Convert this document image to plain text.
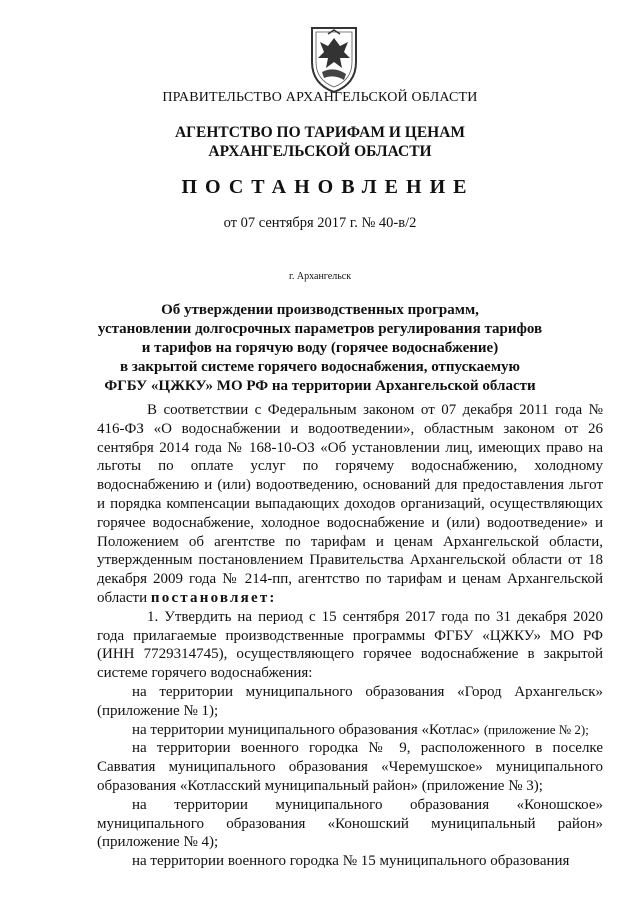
ПРАВИТЕЛЬСТВО АРХАНГЕЛЬСКОЙ ОБЛАСТИ
АГЕНТСТВО ПО ТАРИФАМ И ЦЕНАМ
АРХАНГЕЛЬСКОЙ ОБЛАСТИ
ПОСТАНОВЛЕНИЕ
от 07 сентября 2017 г. № 40-в/2
г. Архангельск
Об утверждении производственных программ,
установлении долгосрочных параметров регулирования тарифов
и тарифов на горячую воду (горячее водоснабжение)
в закрытой системе горячего водоснабжения, отпускаемую
ФГБУ «ЦЖКУ» МО РФ на территории Архангельской области

В соответствии с Федеральным законом от 07 декабря 2011 года № 416-ФЗ «О водоснабжении и водоотведении», областным законом от 26 сентября 2014 года № 168-10-ОЗ «Об установлении лиц, имеющих право на льготы по оплате услуг по горячему водоснабжению, холодному водоснабжению и (или) водоотведению, оснований для предоставления льгот и порядка компенсации выпадающих доходов организаций, осуществляющих горячее водоснабжение, холодное водоснабжение и (или) водоотведение» и Положением об агентстве по тарифам и ценам Архангельской области, утвержденным постановлением Правительства Архангельской области от 18 декабря 2009 года № 214-пп, агентство по тарифам и ценам Архангельской области постановляет:

1. Утвердить на период с 15 сентября 2017 года по 31 декабря 2020 года прилагаемые производственные программы ФГБУ «ЦЖКУ» МО РФ (ИНН 7729314745), осуществляющего горячее водоснабжение в закрытой системе горячего водоснабжения:

на территории муниципального образования «Город Архангельск» (приложение № 1);

на территории муниципального образования «Котлас» (приложение № 2);

на территории военного городка № 9, расположенного в поселке Савватия муниципального образования «Черемушское» муниципального образования «Котласский муниципальный район» (приложение № 3);

на территории муниципального образования «Коношское» муниципального образования «Коношский муниципальный район» (приложение № 4);

на территории военного городка № 15 муниципального образования
